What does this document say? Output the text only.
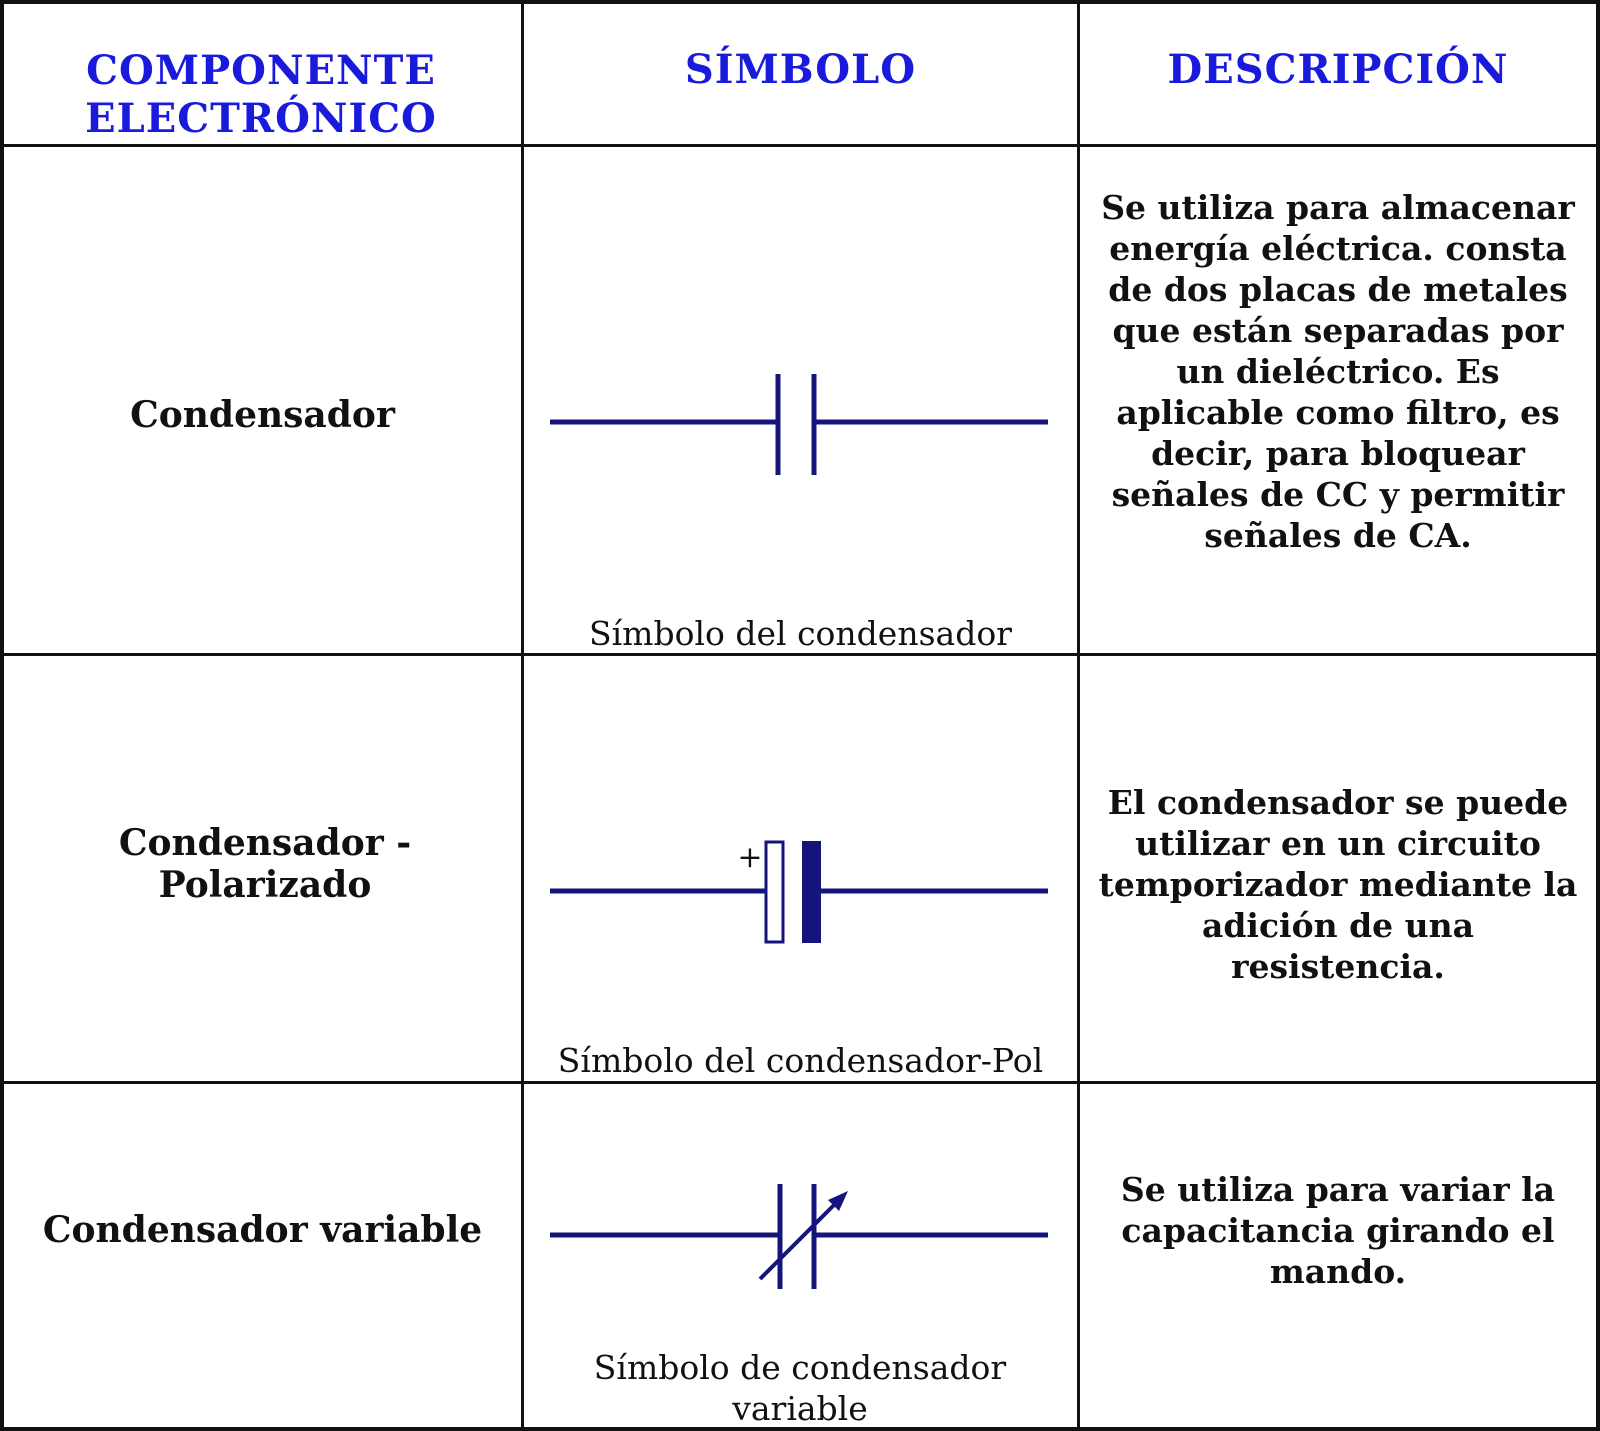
COMPONENTE ELECTRÓNICO
SÍMBOLO	DESCRIPCIÓN
Condensador
Símbolo del condensador
Se utiliza para almacenar energía eléctrica. consta de dos placas de metales que están separadas por un dieléctrico. Es aplicable como filtro, es decir, para bloquear señales de CC y permitir señales de CA.
Condensador - Polarizado
+
Símbolo del condensador-Pol
El condensador se puede utilizar en un circuito temporizador mediante la adición de una resistencia.
Condensador variable
Símbolo de condensador variable
Se utiliza para variar la capacitancia girando el mando.
